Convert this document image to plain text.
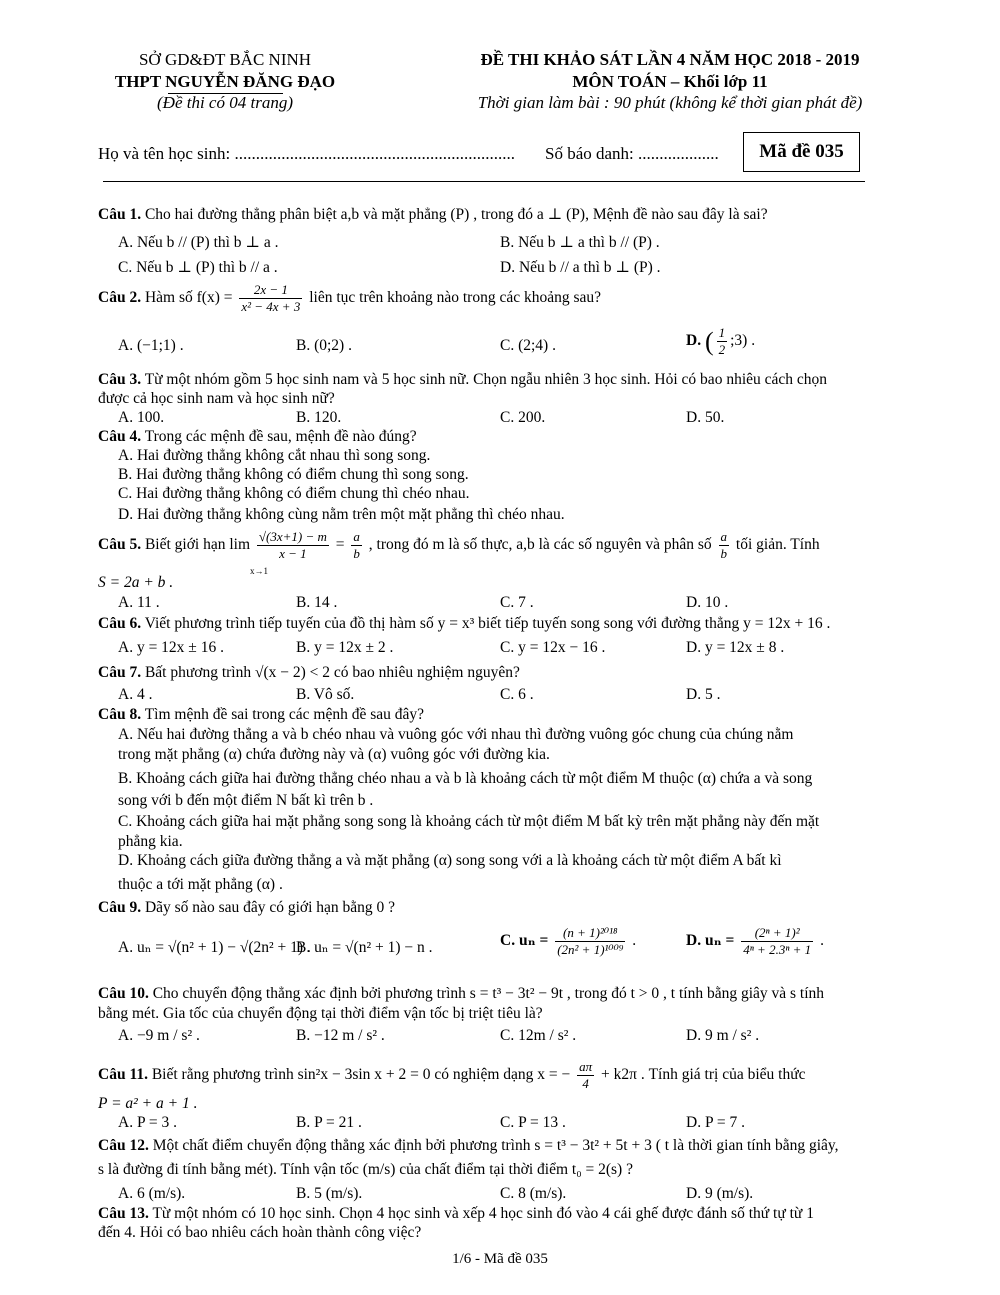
SỞ GD&ĐT BẮC NINH
THPT NGUYỄN ĐĂNG ĐẠO
(Đề thi có 04 trang)
ĐỀ THI KHẢO SÁT LẦN 4 NĂM HỌC 2018 - 2019
MÔN TOÁN – Khối lớp 11
Thời gian làm bài : 90 phút (không kể thời gian phát đề)
Họ và tên học sinh: .................................................................. Số báo danh: ...................	Mã đề 035
Câu 1. Cho hai đường thẳng phân biệt a,b và mặt phẳng (P) , trong đó a ⊥ (P), Mệnh đề nào sau đây là sai?
A. Nếu b // (P) thì b ⊥ a .	B. Nếu b ⊥ a thì b // (P) .
C. Nếu b ⊥ (P) thì b // a .	D. Nếu b // a thì b ⊥ (P) .
Câu 2. Hàm số $f(x) = \frac{2x - 1}{\text{x² − 4x + 3}}$ liên tục trên khoảng nào trong các khoảng sau?
A. (−1;1) .	B. (0;2) .	C. (2;4) .	D. ( $\frac{1}{2}$ ;3) .
Câu 3. Từ một nhóm gồm 5 học sinh nam và 5 học sinh nữ. Chọn ngẫu nhiên 3 học sinh. Hỏi có bao nhiêu cách chọn
được cả học sinh nam và học sinh nữ?
A. 100.	B. 120.	C. 200.	D. 50.
Câu 4. Trong các mệnh đề sau, mệnh đề nào đúng?
A. Hai đường thẳng không cắt nhau thì song song.
B. Hai đường thẳng không có điểm chung thì song song.
C. Hai đường thẳng không có điểm chung thì chéo nhau.
D. Hai đường thẳng không cùng nằm trên một mặt phẳng thì chéo nhau.
Câu 5. Biết giới hạn $\lim \frac{√(3x+1) - m}{x - 1} = \frac{a}{b}$ , trong đó m là số thực, a,b là các số nguyên và phân số $\frac{a}{b}$ tối giản. Tính
x→1
S = 2a + b .
A. 11 .	B. 14 .	C. 7 .	D. 10 .
Câu 6. Viết phương trình tiếp tuyến của đồ thị hàm số y = x³ biết tiếp tuyến song song với đường thẳng y = 12x + 16 .
A. y = 12x ± 16 .	B. y = 12x ± 2 .	C. y = 12x − 16 .	D. y = 12x ± 8 .
Câu 7. Bất phương trình √(x − 2) < 2 có bao nhiêu nghiệm nguyên?
A. 4 .	B. Vô số.	C. 6 .	D. 5 .
Câu 8. Tìm mệnh đề sai trong các mệnh đề sau đây?
A. Nếu hai đường thẳng a và b chéo nhau và vuông góc với nhau thì đường vuông góc chung của chúng nằm
trong mặt phẳng (α) chứa đường này và (α) vuông góc với đường kia.
B. Khoảng cách giữa hai đường thẳng chéo nhau a và b là khoảng cách từ một điểm M thuộc (α) chứa a và song
song với b đến một điểm N bất kì trên b .
C. Khoảng cách giữa hai mặt phẳng song song là khoảng cách từ một điểm M bất kỳ trên mặt phẳng này đến mặt
phẳng kia.
D. Khoảng cách giữa đường thẳng a và mặt phẳng (α) song song với a là khoảng cách từ một điểm A bất kì
thuộc a tới mặt phẳng (α) .
Câu 9. Dãy số nào sau đây có giới hạn bằng 0 ?
A. uₙ = √(n² + 1) − √(2n² + 1) .
B. uₙ = √(n² + 1) − n .	C. $u_n = \frac{\text{(n + 1)²⁰¹⁸}}{\text{(2n² + 1)¹⁰⁰⁹}}$ .	D. $u_n = \frac{\text{(2ⁿ + 1)²}}{\text{4ⁿ + 2.3ⁿ + 1}}$ .
Câu 10. Cho chuyển động thẳng xác định bởi phương trình s = t³ − 3t² − 9t , trong đó t > 0 , t tính bằng giây và s tính
bằng mét. Gia tốc của chuyển động tại thời điểm vận tốc bị triệt tiêu là?
A. −9 m / s² .	B. −12 m / s² .	C. 12m / s² .	D. 9 m / s² .
Câu 11. Biết rằng phương trình sin²x − 3sin x + 2 = 0 có nghiệm dạng x = − $\frac{a\pi}{4} + k2\pi$ . Tính giá trị của biểu thức
P = a² + a + 1 .
A. P = 3 .	B. P = 21 .	C. P = 13 .	D. P = 7 .
Câu 12. Một chất điểm chuyển động thẳng xác định bởi phương trình s = t³ − 3t² + 5t + 3 ( t là thời gian tính bằng giây,
s là đường đi tính bằng mét). Tính vận tốc (m/s) của chất điểm tại thời điểm t₀ = 2(s) ?
A. 6 (m/s).	B. 5 (m/s).	C. 8 (m/s).	D. 9 (m/s).
Câu 13. Từ một nhóm có 10 học sinh. Chọn 4 học sinh và xếp 4 học sinh đó vào 4 cái ghế được đánh số thứ tự từ 1
đến 4. Hỏi có bao nhiêu cách hoàn thành công việc?
1/6 - Mã đề 035
